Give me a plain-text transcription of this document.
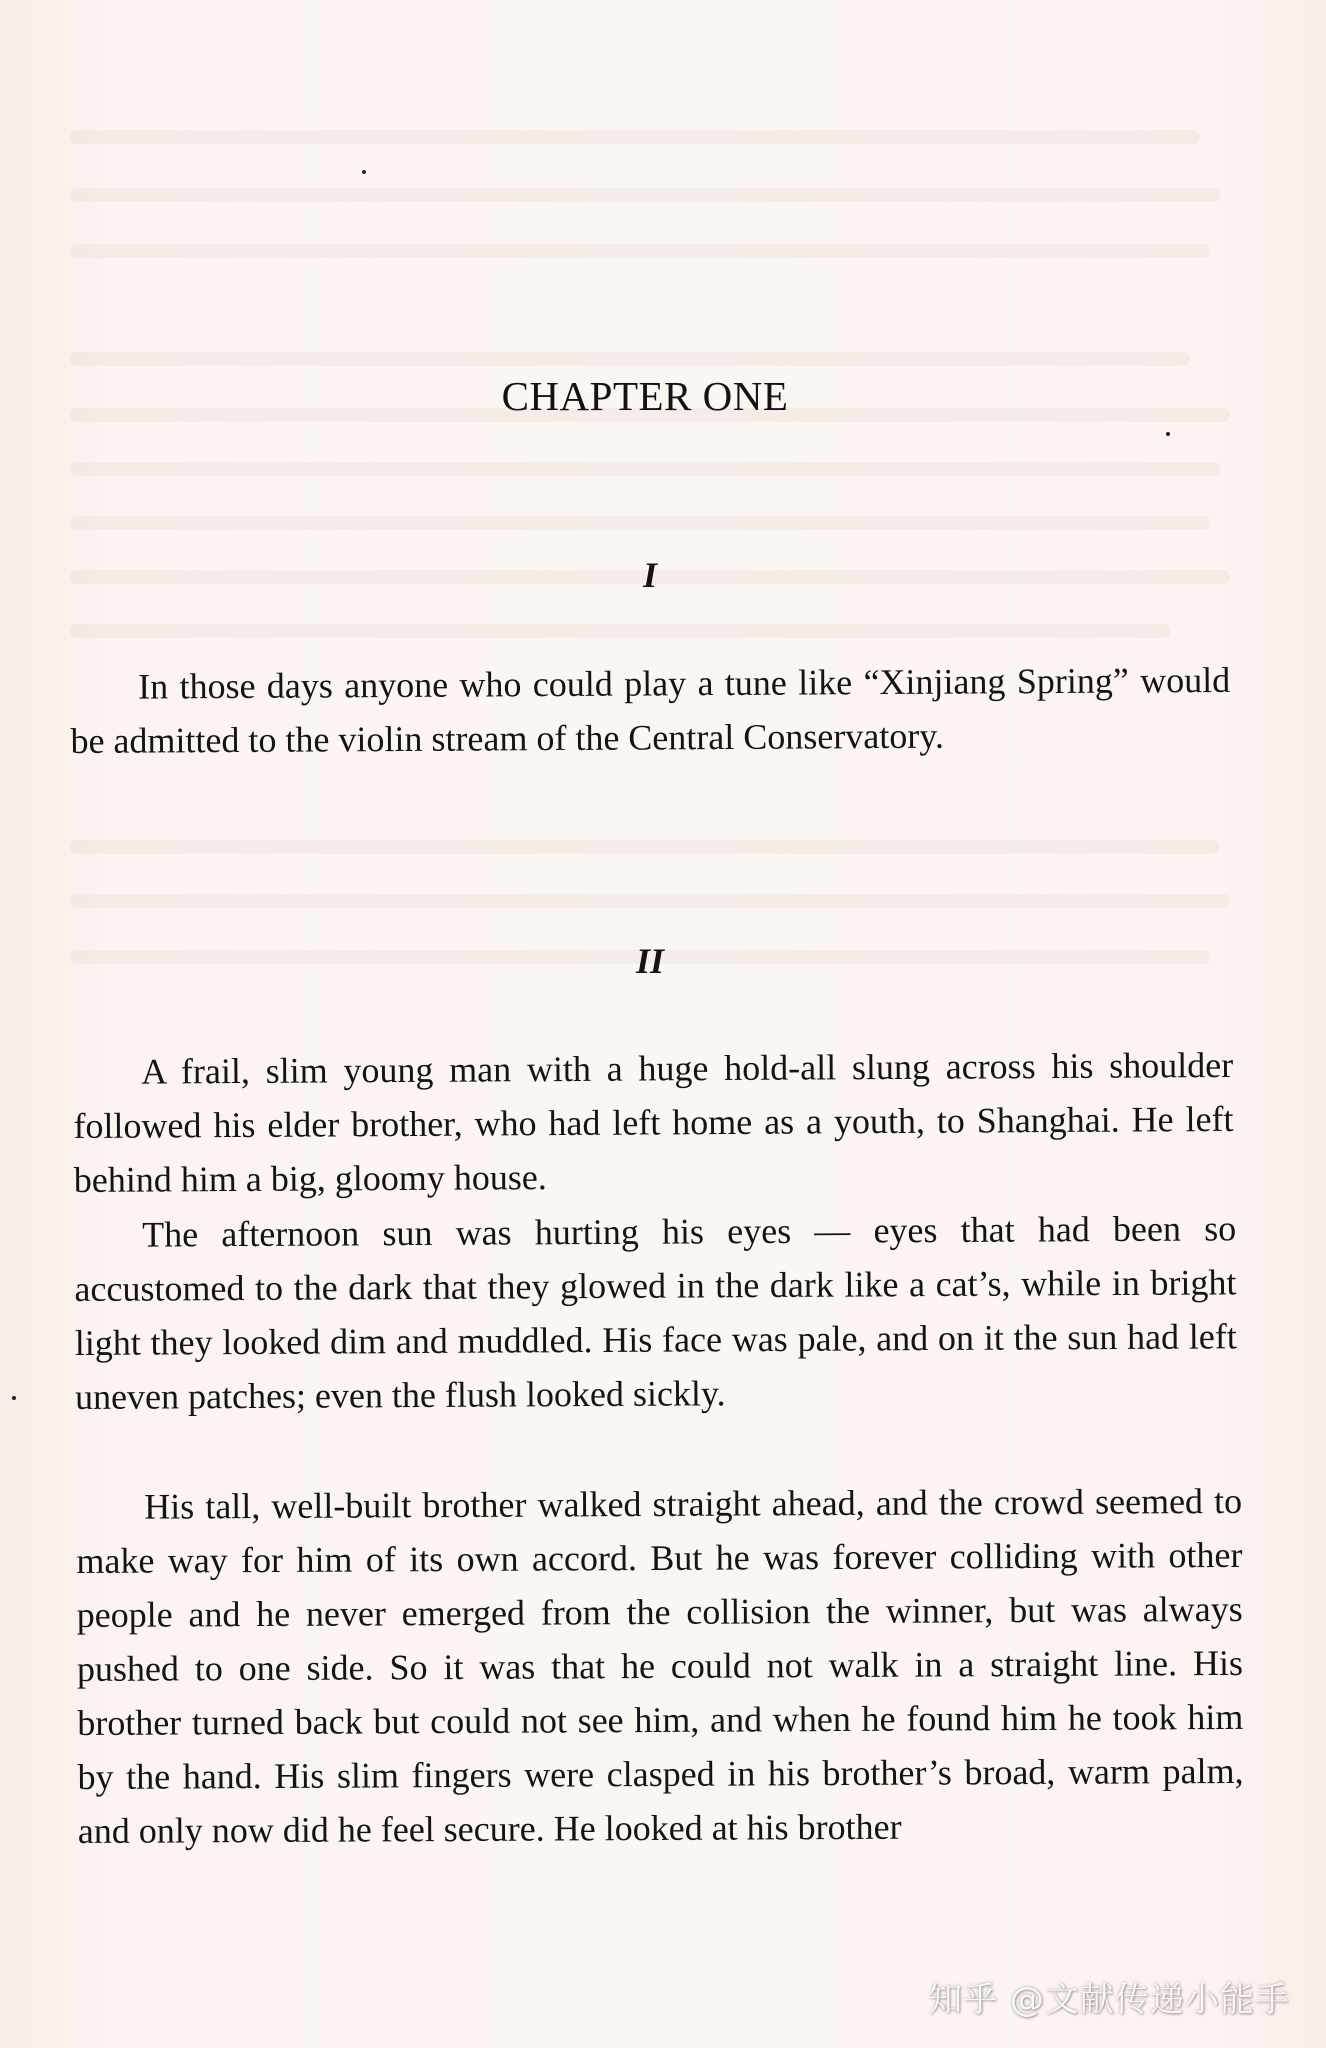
CHAPTER ONE
I

In those days anyone who could play a tune like “Xinjiang Spring” would be admitted to the violin stream of the Central Conservatory.

II

A frail, slim young man with a huge hold-all slung across his shoulder followed his elder brother, who had left home as a youth, to Shanghai. He left behind him a big, gloomy house.

The afternoon sun was hurting his eyes — eyes that had been so accustomed to the dark that they glowed in the dark like a cat’s, while in bright light they looked dim and muddled. His face was pale, and on it the sun had left uneven patches; even the flush looked sickly.

His tall, well-built brother walked straight ahead, and the crowd seemed to make way for him of its own accord. But he was forever colliding with other people and he never emerged from the collision the winner, but was always pushed to one side. So it was that he could not walk in a straight line. His brother turned back but could not see him, and when he found him he took him by the hand. His slim fingers were clasped in his brother’s broad, warm palm, and only now did he feel secure. He looked at his brother

知乎 @文献传递小能手
